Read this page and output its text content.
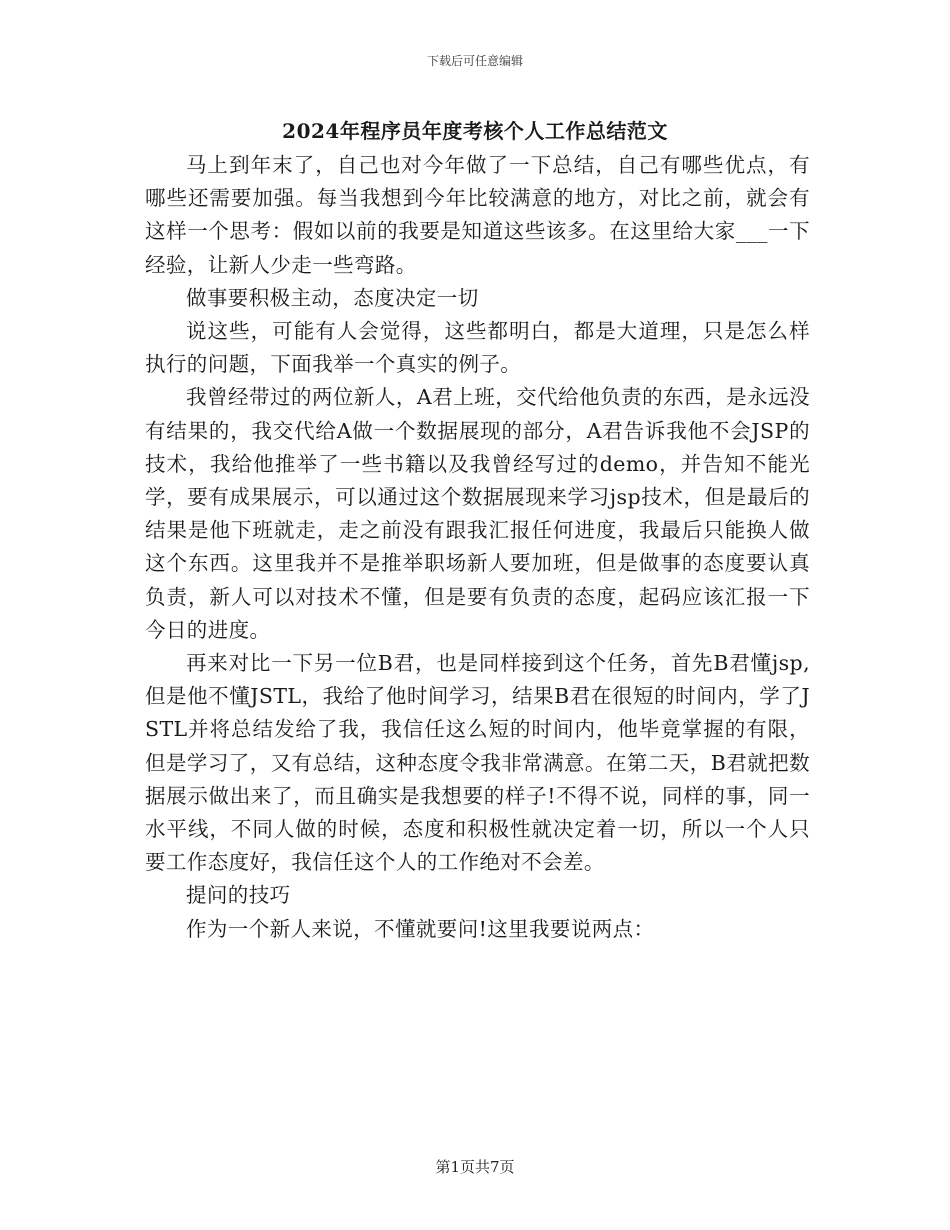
下载后可任意编辑
2024年程序员年度考核个人工作总结范文

马上到年末了，自己也对今年做了一下总结，自己有哪些优点，有哪些还需要加强。每当我想到今年比较满意的地方，对比之前，就会有这样一个思考：假如以前的我要是知道这些该多。在这里给大家___一下经验，让新人少走一些弯路。

做事要积极主动，态度决定一切

说这些，可能有人会觉得，这些都明白，都是大道理，只是怎么样执行的问题，下面我举一个真实的例子。

我曾经带过的两位新人，A君上班，交代给他负责的东西，是永远没有结果的，我交代给A做一个数据展现的部分，A君告诉我他不会JSP的技术，我给他推举了一些书籍以及我曾经写过的demo，并告知不能光学，要有成果展示，可以通过这个数据展现来学习jsp技术，但是最后的结果是他下班就走，走之前没有跟我汇报任何进度，我最后只能换人做这个东西。这里我并不是推举职场新人要加班，但是做事的态度要认真负责，新人可以对技术不懂，但是要有负责的态度，起码应该汇报一下今日的进度。

再来对比一下另一位B君，也是同样接到这个任务，首先B君懂jsp,但是他不懂JSTL，我给了他时间学习，结果B君在很短的时间内，学了JSTL并将总结发给了我，我信任这么短的时间内，他毕竟掌握的有限，但是学习了，又有总结，这种态度令我非常满意。在第二天，B君就把数据展示做出来了，而且确实是我想要的样子!不得不说，同样的事，同一水平线，不同人做的时候，态度和积极性就决定着一切，所以一个人只要工作态度好，我信任这个人的工作绝对不会差。

提问的技巧

作为一个新人来说，不懂就要问!这里我要说两点：

第1页共7页
